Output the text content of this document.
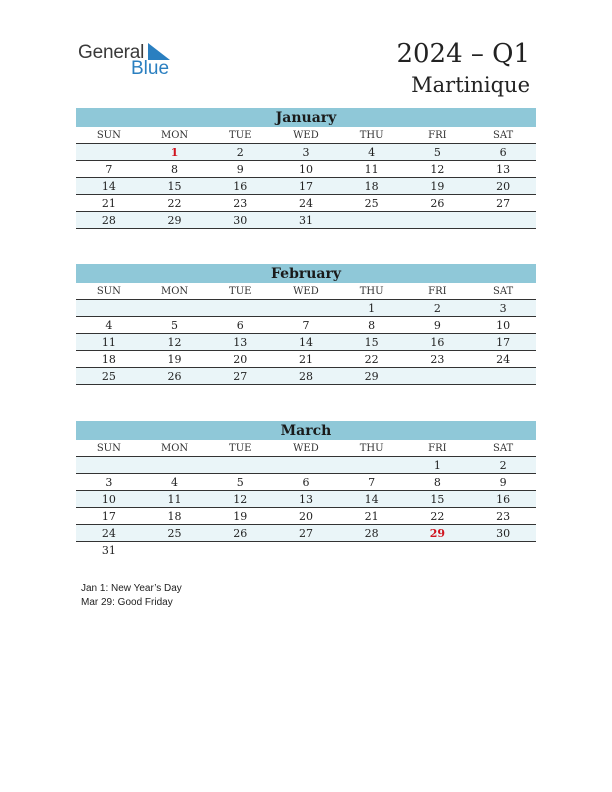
General
Blue	2024 – Q1
Martinique
January
SUN	MON	TUE	WED	THU	FRI	SAT
	1	2	3	4	5	6
7	8	9	10	11	12	13
14	15	16	17	18	19	20
21	22	23	24	25	26	27
28	29	30	31			
February
SUN	MON	TUE	WED	THU	FRI	SAT
				1	2	3
4	5	6	7	8	9	10
11	12	13	14	15	16	17
18	19	20	21	22	23	24
25	26	27	28	29		
March
SUN	MON	TUE	WED	THU	FRI	SAT
					1	2
3	4	5	6	7	8	9
10	11	12	13	14	15	16
17	18	19	20	21	22	23
24	25	26	27	28	29	30
31						
Jan 1: New Year’s Day
Mar 29: Good Friday
